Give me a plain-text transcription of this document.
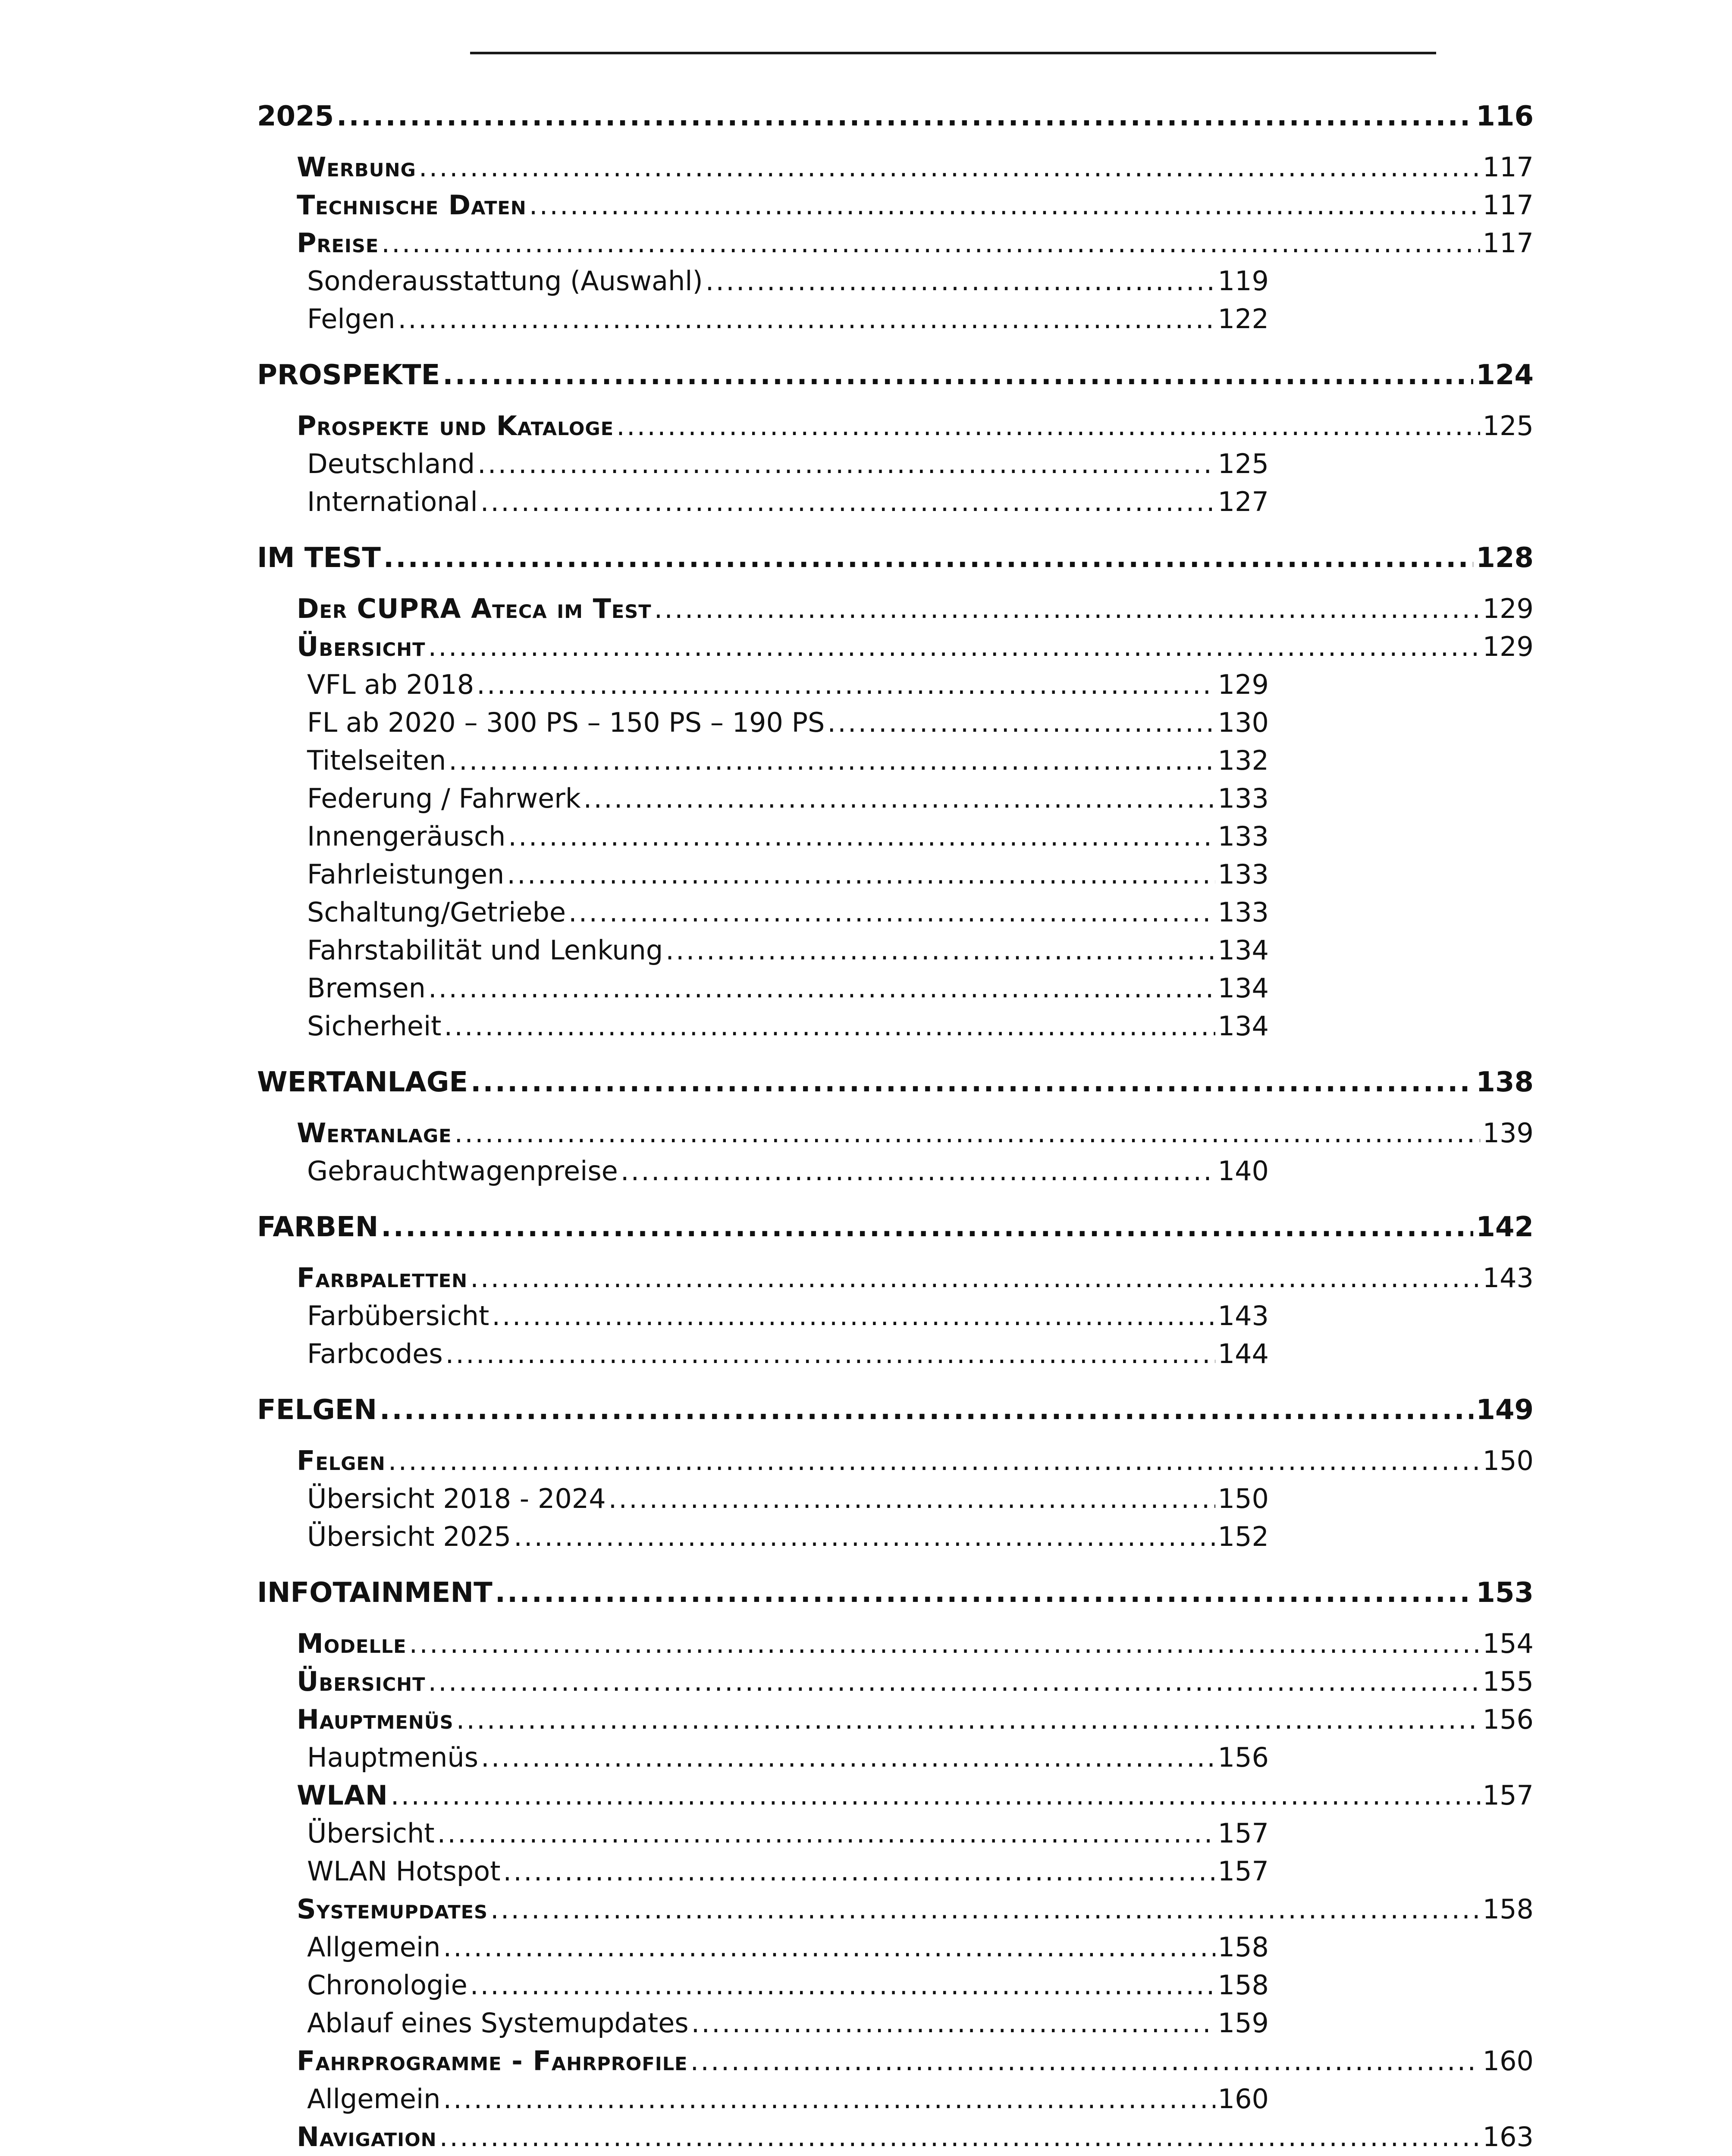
2025 .....	116
Werbung .....	117
Technische Daten .....	117
Preise .....	117
Sonderausstattung (Auswahl) .....	119
Felgen .....	122
PROSPEKTE .....	124
Prospekte und Kataloge .....	125
Deutschland .....	125
International .....	127
IM TEST .....	128
Der CUPRA Ateca im Test .....	129
Übersicht .....	129
VFL ab 2018 .....	129
FL ab 2020 – 300 PS – 150 PS – 190 PS .....	130
Titelseiten .....	132
Federung / Fahrwerk .....	133
Innengeräusch .....	133
Fahrleistungen .....	133
Schaltung/Getriebe .....	133
Fahrstabilität und Lenkung .....	134
Bremsen .....	134
Sicherheit .....	134
WERTANLAGE .....	138
Wertanlage .....	139
Gebrauchtwagenpreise .....	140
FARBEN .....	142
Farbpaletten .....	143
Farbübersicht .....	143
Farbcodes .....	144
FELGEN .....	149
Felgen .....	150
Übersicht 2018 - 2024 .....	150
Übersicht 2025 .....	152
INFOTAINMENT .....	153
Modelle .....	154
Übersicht .....	155
Hauptmenüs .....	156
Hauptmenüs .....	156
WLAN .....	157
Übersicht .....	157
WLAN Hotspot .....	157
Systemupdates .....	158
Allgemein .....	158
Chronologie .....	158
Ablauf eines Systemupdates .....	159
Fahrprogramme - Fahrprofile .....	160
Allgemein .....	160
Navigation .....	163
